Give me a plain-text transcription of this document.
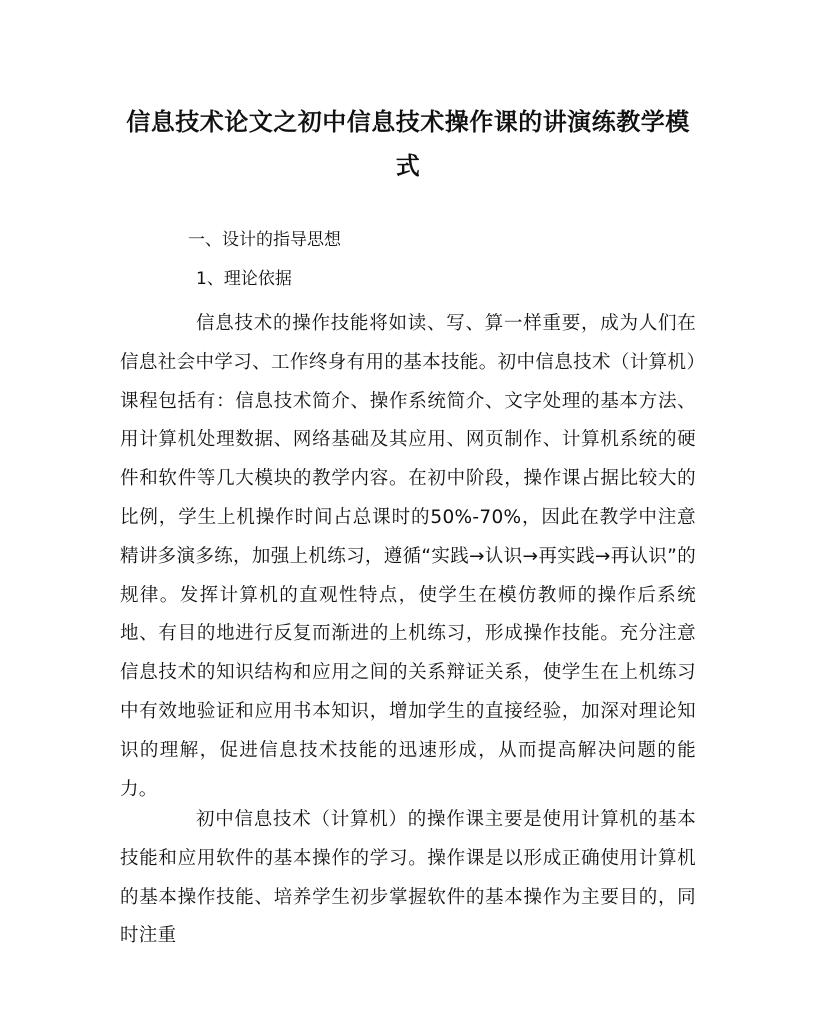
信息技术论文之初中信息技术操作课的讲演练教学模
式
一、设计的指导思想
1、理论依据
信息技术的操作技能将如读、写、算一样重要，成为人们在信息社会中学习、工作终身有用的基本技能。初中信息技术（计算机）课程包括有：信息技术简介、操作系统简介、文字处理的基本方法、用计算机处理数据、网络基础及其应用、网页制作、计算机系统的硬件和软件等几大模块的教学内容。在初中阶段，操作课占据比较大的比例，学生上机操作时间占总课时的50%-70%，因此在教学中注意精讲多演多练，加强上机练习，遵循“实践→认识→再实践→再认识”的规律。发挥计算机的直观性特点，使学生在模仿教师的操作后系统地、有目的地进行反复而渐进的上机练习，形成操作技能。充分注意信息技术的知识结构和应用之间的关系辩证关系，使学生在上机练习中有效地验证和应用书本知识，增加学生的直接经验，加深对理论知识的理解，促进信息技术技能的迅速形成，从而提高解决问题的能力。
初中信息技术（计算机）的操作课主要是使用计算机的基本技能和应用软件的基本操作的学习。操作课是以形成正确使用计算机的基本操作技能、培养学生初步掌握软件的基本操作为主要目的，同时注重
